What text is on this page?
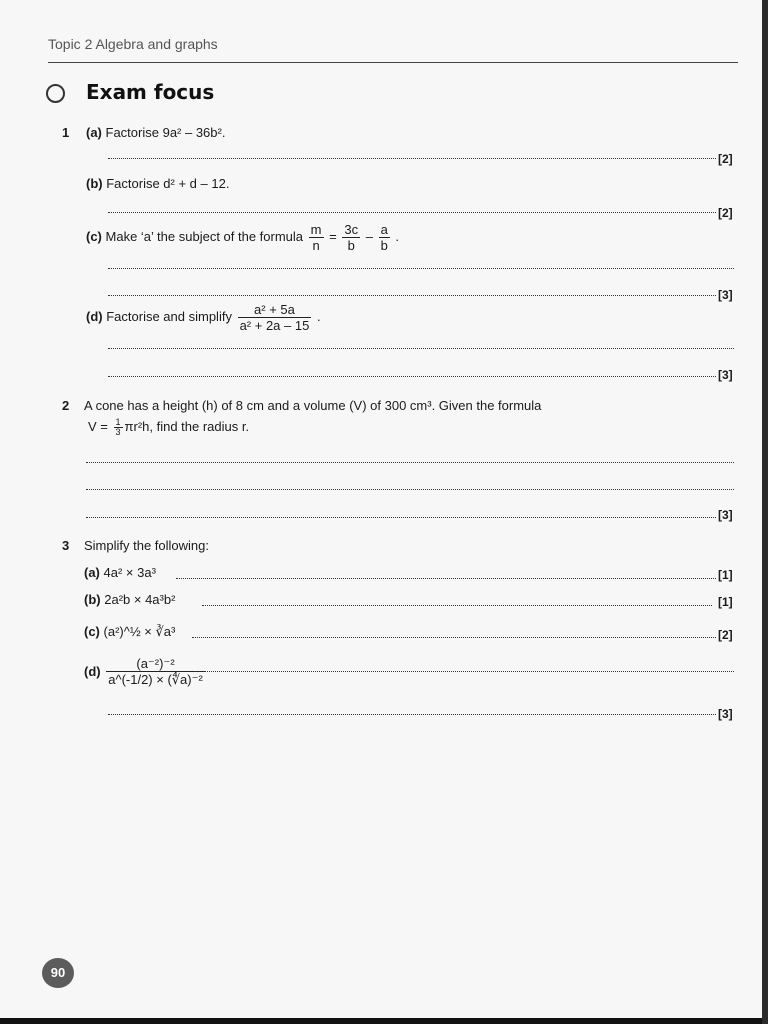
Topic 2 Algebra and graphs
Exam focus
1 (a) Factorise 9a² – 36b².
[2]
(b) Factorise d² + d – 12.
[2]
(c) Make ‘a’ the subject of the formula $\frac{m}{n} = \frac{3c}{b} - \frac{a}{b}$ .
[3]
(d) Factorise and simplify $\frac{\text{a² + 5a}}{\text{a² + 2a – 15}}$ .
[3]
2 A cone has a height (h) of 8 cm and a volume (V) of 300 cm³. Given the formula
$V = \frac{1}{3} \pi r^2h$, find the radius r.
[3]
3 Simplify the following:
(a) 4a² × 3a³	[1]
(b) 2a²b × 4a³b²	[1]
(c) (a²)^½ × ∛a³	[2]
$(d) \frac{\text{(a⁻²)⁻²}}{\text{a\textasciicircum{}(-1/2) × (∜a)⁻²}}$
[3]
90
